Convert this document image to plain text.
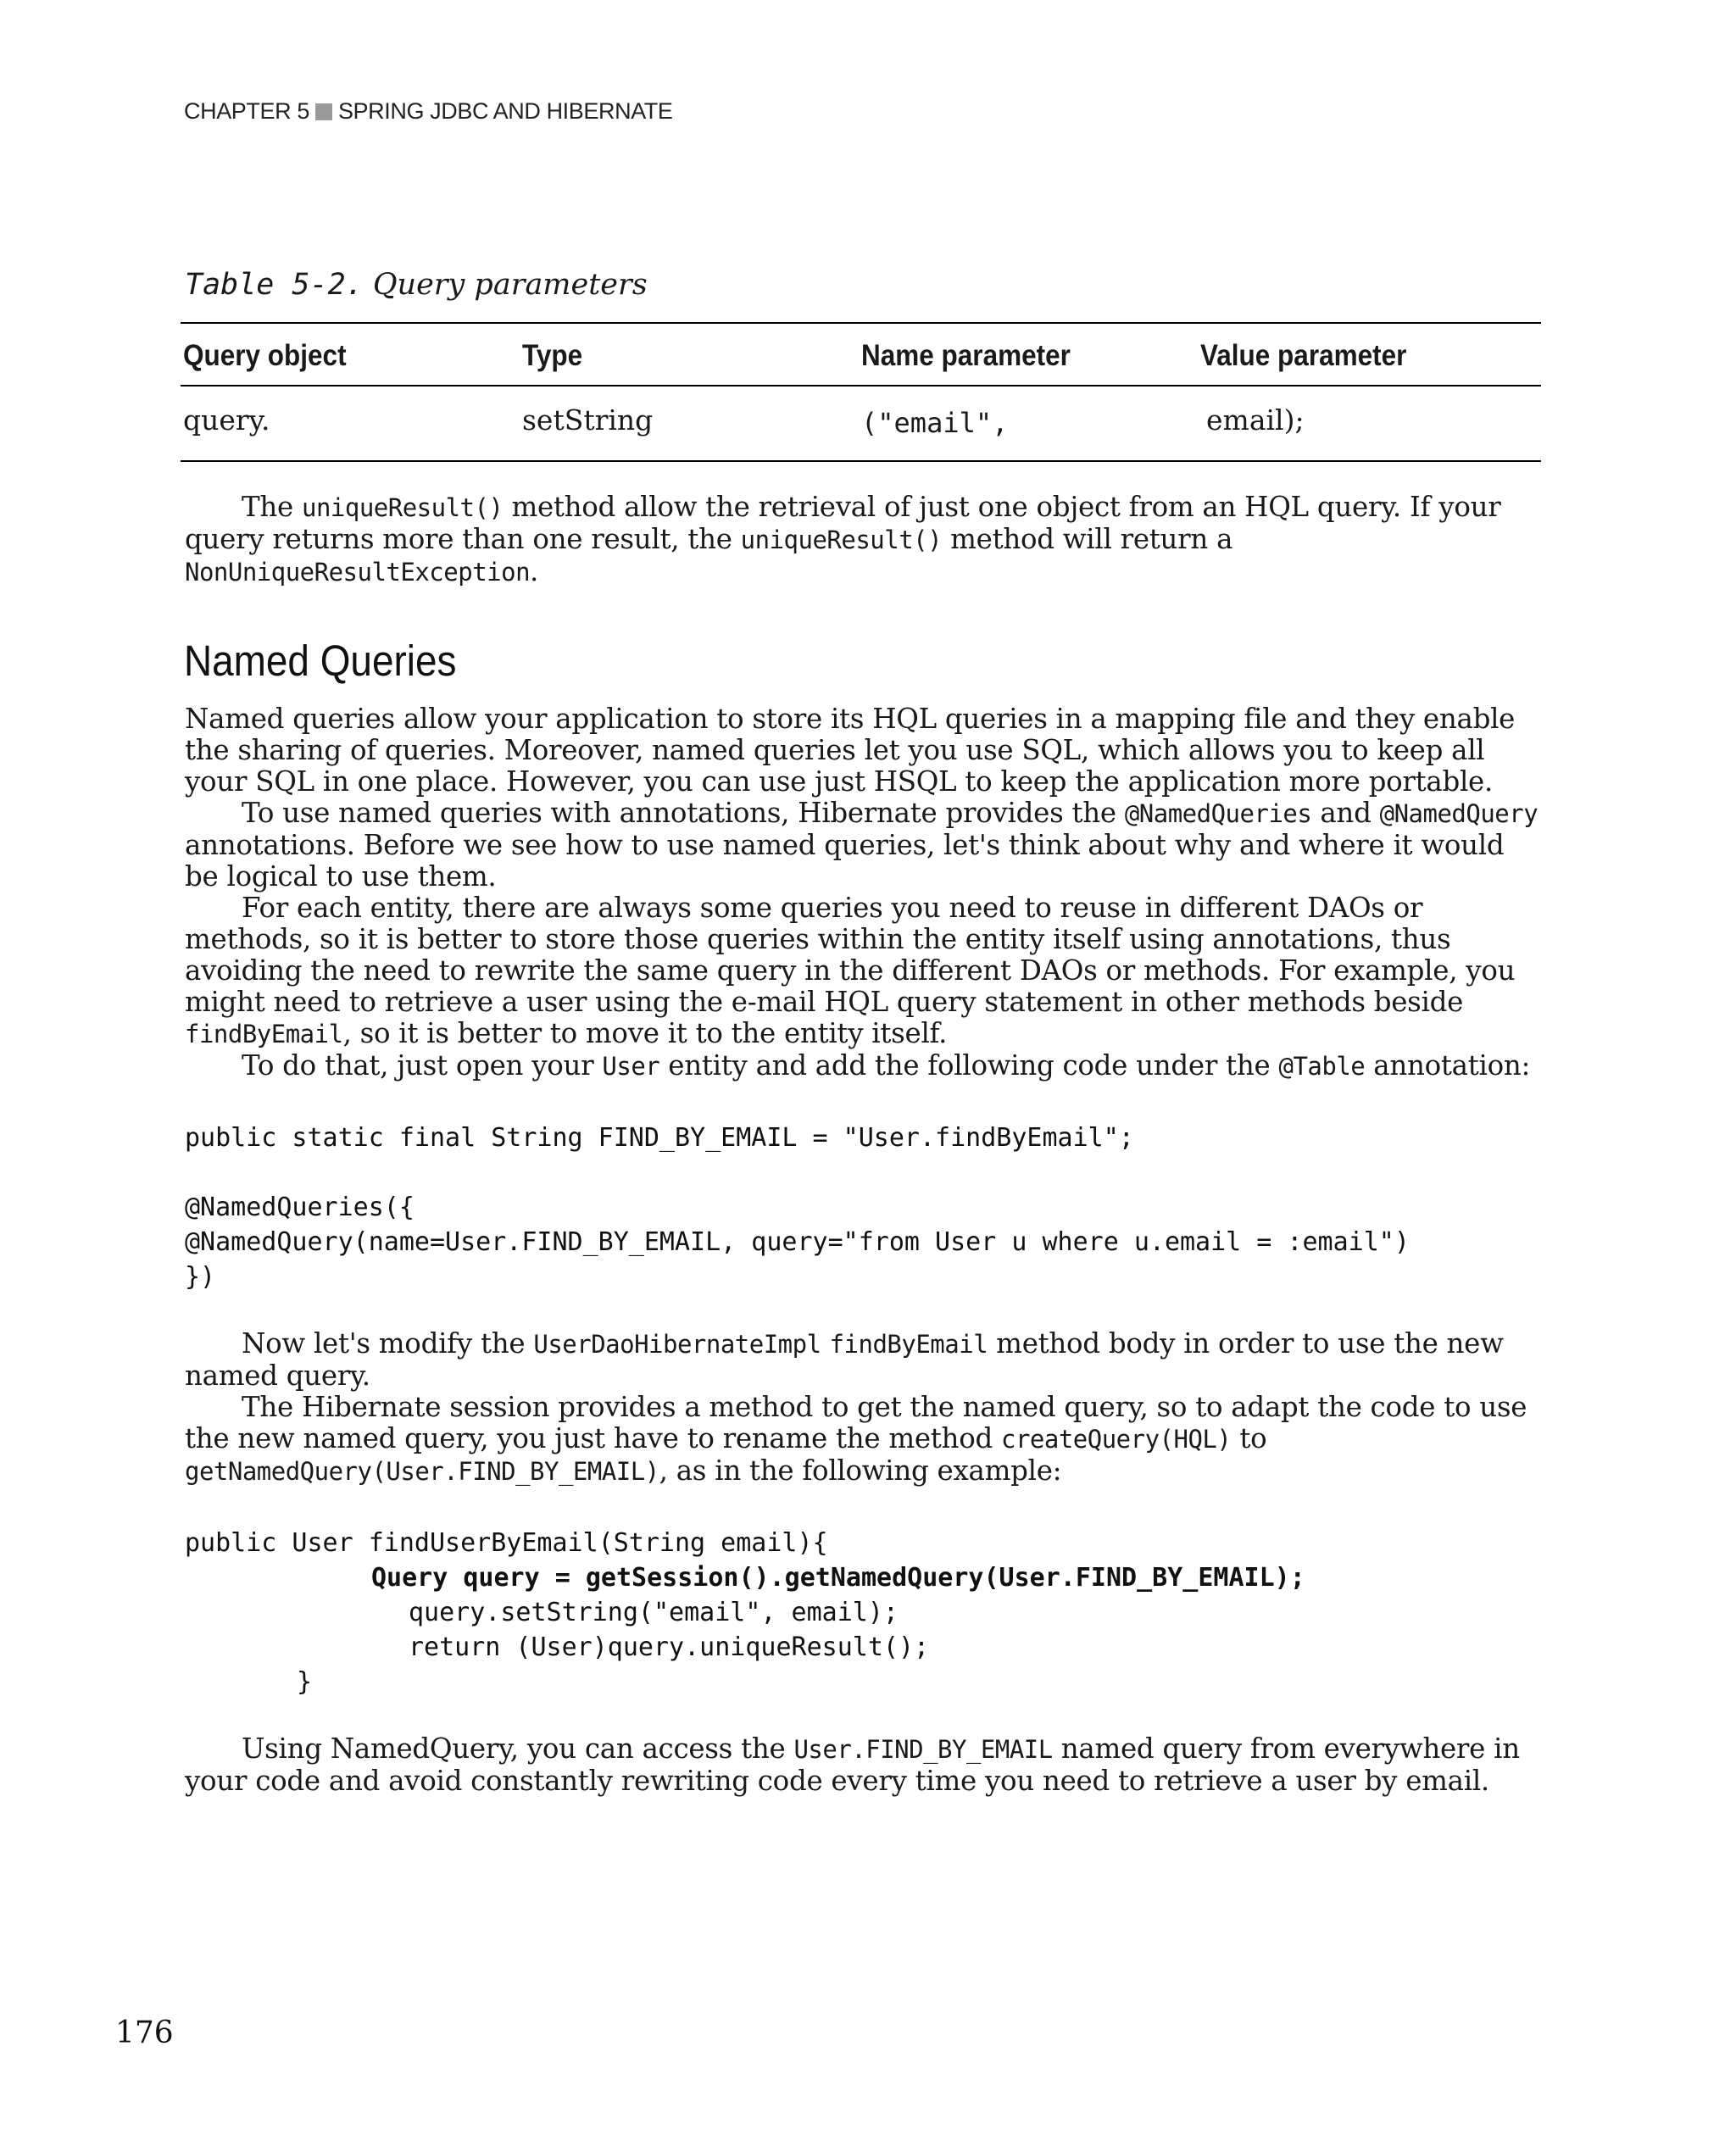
CHAPTER 5 SPRING JDBC AND HIBERNATE
Table 5-2. Query parameters
Query object	Type	Name parameter	Value parameter
query.	setString	("email",	email);

The uniqueResult() method allow the retrieval of just one object from an HQL query. If your query returns more than one result, the uniqueResult() method will return a NonUniqueResultException.

Named Queries

Named queries allow your application to store its HQL queries in a mapping file and they enable the sharing of queries. Moreover, named queries let you use SQL, which allows you to keep all your SQL in one place. However, you can use just HSQL to keep the application more portable.

To use named queries with annotations, Hibernate provides the @NamedQueries and @NamedQuery annotations. Before we see how to use named queries, let's think about why and where it would be logical to use them.

For each entity, there are always some queries you need to reuse in different DAOs or methods, so it is better to store those queries within the entity itself using annotations, thus avoiding the need to rewrite the same query in the different DAOs or methods. For example, you might need to retrieve a user using the e-mail HQL query statement in other methods beside findByEmail, so it is better to move it to the entity itself.

To do that, just open your User entity and add the following code under the @Table annotation:

public static final String FIND_BY_EMAIL = "User.findByEmail";

@NamedQueries({
@NamedQuery(name=User.FIND_BY_EMAIL, query="from User u where u.email = :email")
})

Now let's modify the UserDaoHibernateImpl findByEmail method body in order to use the new named query.

The Hibernate session provides a method to get the named query, so to adapt the code to use the new named query, you just have to rename the method createQuery(HQL) to getNamedQuery(User.FIND_BY_EMAIL), as in the following example:

public User findUserByEmail(String email){
Query query = getSession().getNamedQuery(User.FIND_BY_EMAIL);
query.setString("email", email);
return (User)query.uniqueResult();
}

Using NamedQuery, you can access the User.FIND_BY_EMAIL named query from everywhere in your code and avoid constantly rewriting code every time you need to retrieve a user by email.

176
